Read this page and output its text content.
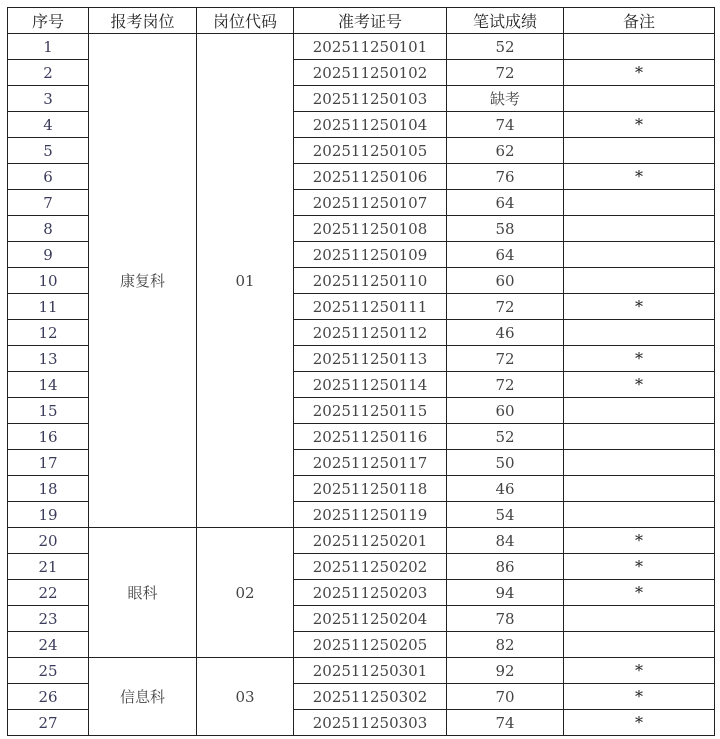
序号	报考岗位	岗位代码	准考证号	笔试成绩	备注
1	康复科	01	202511250101	52	
2			202511250102	72	*
3			202511250103	缺考	
4			202511250104	74	*
5			202511250105	62	
6			202511250106	76	*
7			202511250107	64	
8			202511250108	58	
9			202511250109	64	
10			202511250110	60	
11			202511250111	72	*
12			202511250112	46	
13			202511250113	72	*
14			202511250114	72	*
15			202511250115	60	
16			202511250116	52	
17			202511250117	50	
18			202511250118	46	
19			202511250119	54	
20	眼科	02	202511250201	84	*
21			202511250202	86	*
22			202511250203	94	*
23			202511250204	78	
24			202511250205	82	
25	信息科	03	202511250301	92	*
26			202511250302	70	*
27			202511250303	74	*
